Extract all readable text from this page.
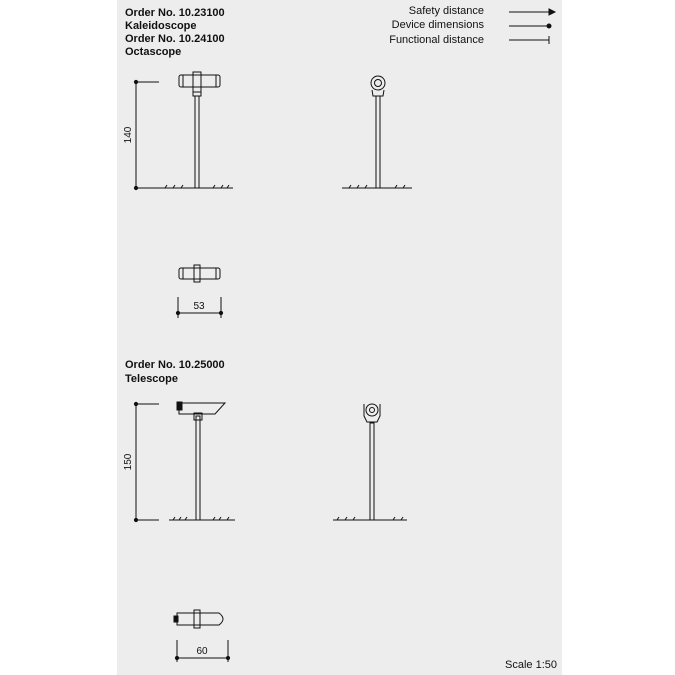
Order No. 10.23100
Kaleidoscope
Order No. 10.24100
Octascope
Safety distance
Device dimensions
Functional distance
Order No. 10.25000
Telescope
Scale 1:50
140
53
150
60
